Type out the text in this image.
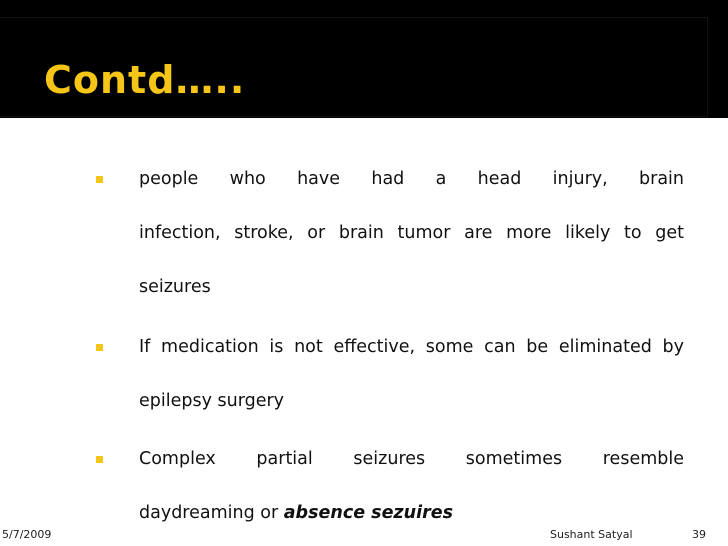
Contd…..
people who have had a head injury, brain
infection, stroke, or brain tumor are more likely to get
seizures
If medication is not effective, some can be eliminated by
epilepsy surgery
Complex partial seizures sometimes resemble
daydreaming or absence sezuires
5/7/2009	Sushant Satyal	39
